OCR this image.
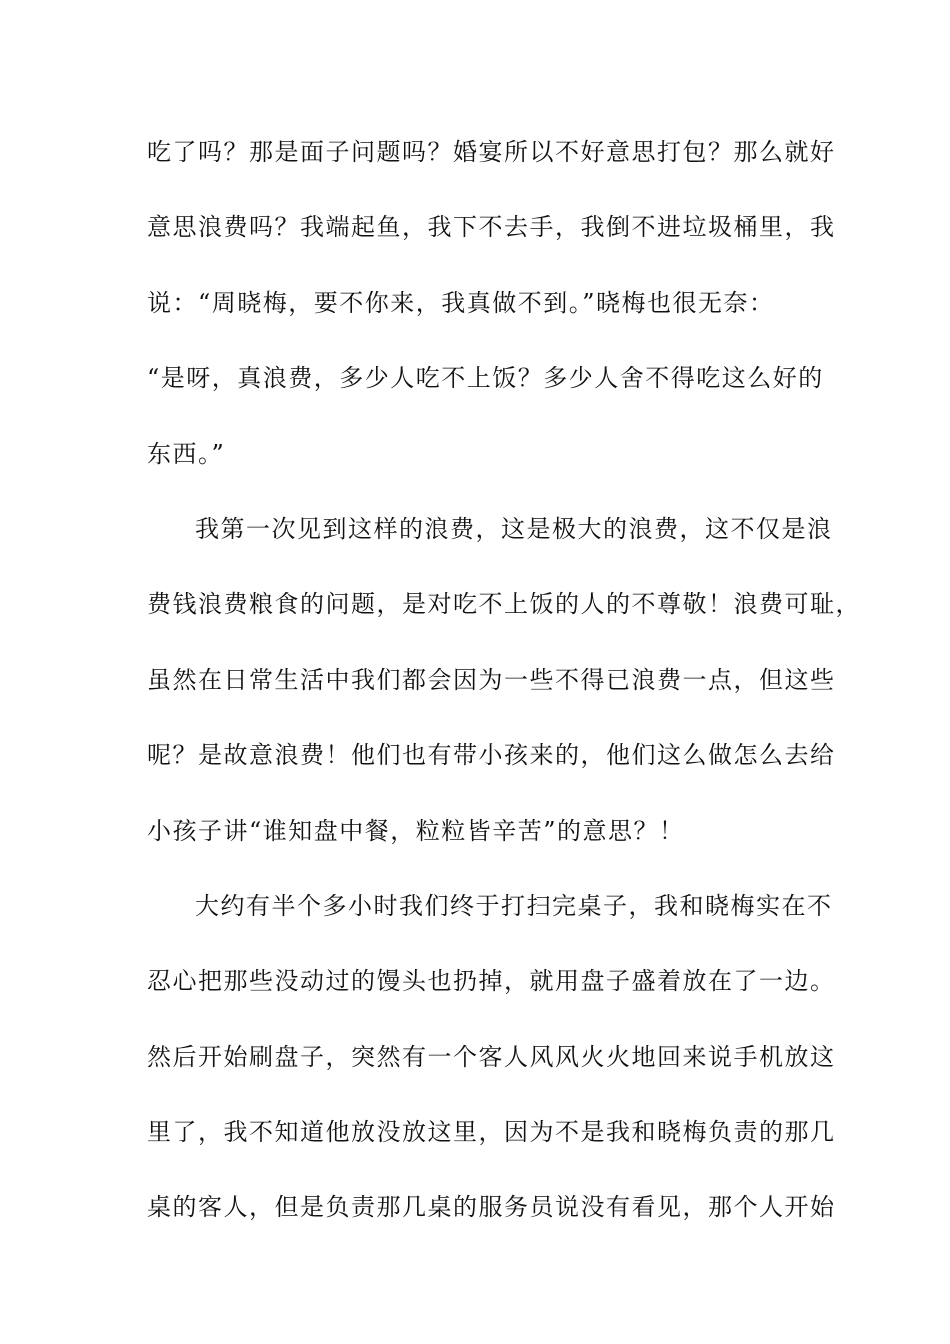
吃了吗？那是面子问题吗？婚宴所以不好意思打包？那么就好
意思浪费吗？我端起鱼，我下不去手，我倒不进垃圾桶里，我
说：“周晓梅，要不你来，我真做不到。”晓梅也很无奈：
“是呀，真浪费，多少人吃不上饭？多少人舍不得吃这么好的
东西。”
我第一次见到这样的浪费，这是极大的浪费，这不仅是浪
费钱浪费粮食的问题，是对吃不上饭的人的不尊敬！浪费可耻，
虽然在日常生活中我们都会因为一些不得已浪费一点，但这些
呢？是故意浪费！他们也有带小孩来的，他们这么做怎么去给
小孩子讲“谁知盘中餐，粒粒皆辛苦”的意思？！
大约有半个多小时我们终于打扫完桌子，我和晓梅实在不
忍心把那些没动过的馒头也扔掉，就用盘子盛着放在了一边。
然后开始刷盘子，突然有一个客人风风火火地回来说手机放这
里了，我不知道他放没放这里，因为不是我和晓梅负责的那几
桌的客人，但是负责那几桌的服务员说没有看见，那个人开始
